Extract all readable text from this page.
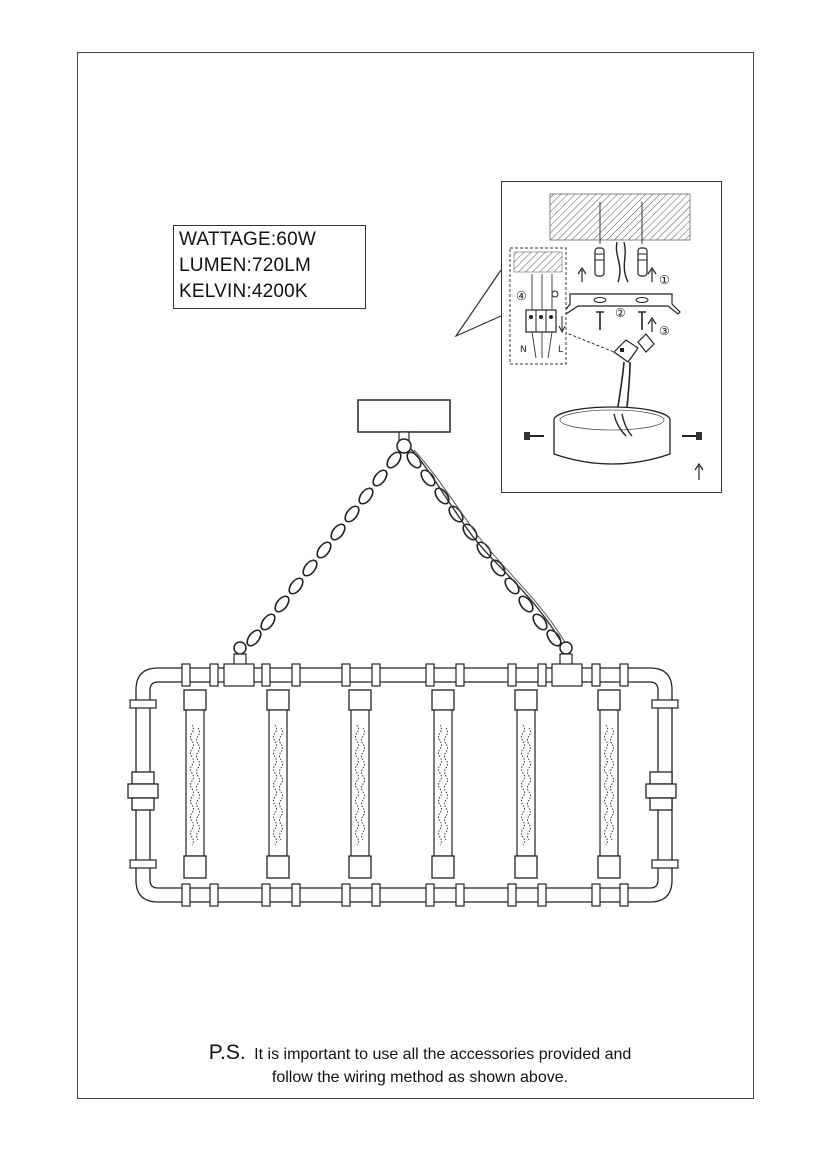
WATTAGE:60W
LUMEN:720LM
KELVIN:4200K
①
②
③
④
N	L
P.S. It is important to use all the accessories provided and
follow the wiring method as shown above.
